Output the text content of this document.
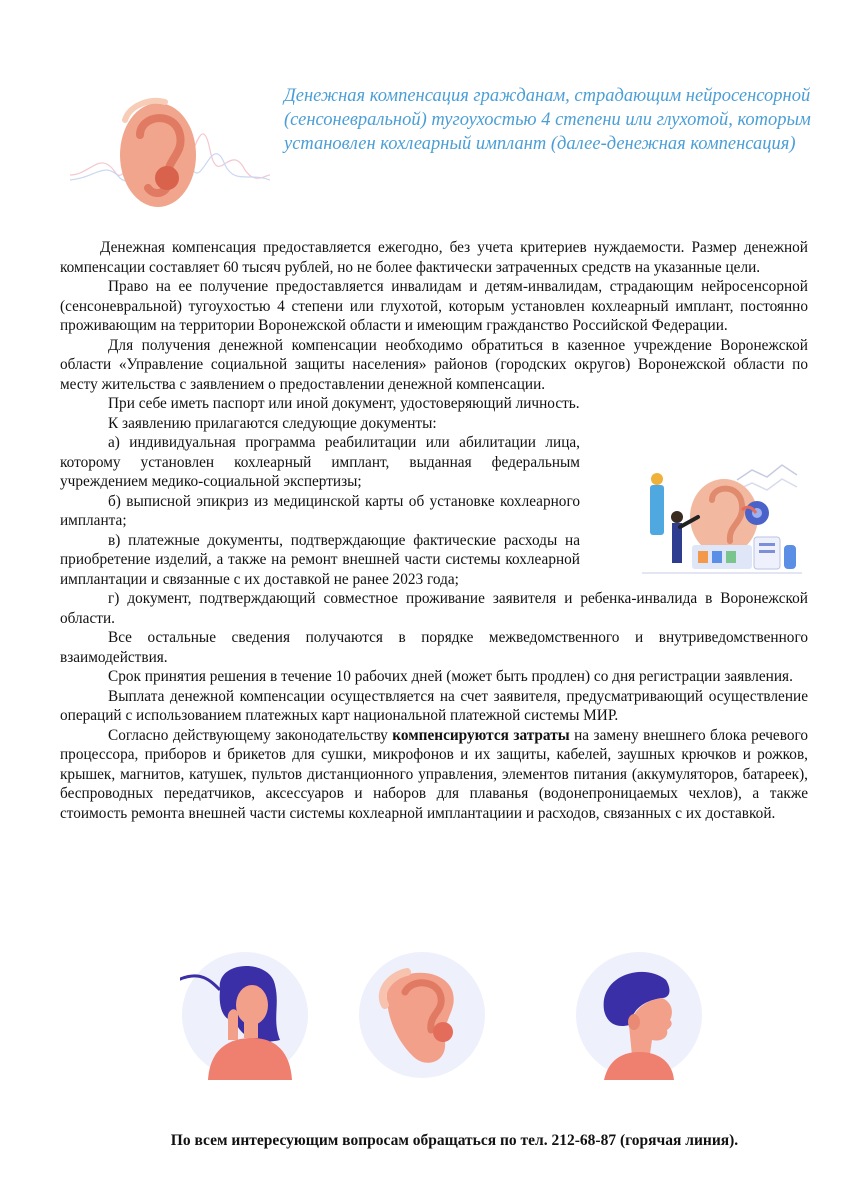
Денежная компенсация гражданам, страдающим нейросенсорной (сенсоневральной) тугоухостью 4 степени или глухотой, которым установлен кохлеарный имплант (далее-денежная компенсация)

Денежная компенсация предоставляется ежегодно, без учета критериев нуждаемости. Размер денежной компенсации составляет 60 тысяч рублей, но не более фактически затраченных средств на указанные цели.

Право на ее получение предоставляется инвалидам и детям-инвалидам, страдающим нейросенсорной (сенсоневральной) тугоухостью 4 степени или глухотой, которым установлен кохлеарный имплант, постоянно проживающим на территории Воронежской области и имеющим гражданство Российской Федерации.

Для получения денежной компенсации необходимо обратиться в казенное учреждение Воронежской области «Управление социальной защиты населения» районов (городских округов) Воронежской области по месту жительства с заявлением о предоставлении денежной компенсации.

При себе иметь паспорт или иной документ, удостоверяющий личность.

К заявлению прилагаются следующие документы:

а) индивидуальная программа реабилитации или абилитации лица, которому установлен кохлеарный имплант, выданная федеральным учреждением медико-социальной экспертизы;

б) выписной эпикриз из медицинской карты об установке кохлеарного импланта;

в) платежные документы, подтверждающие фактические расходы на приобретение изделий, а также на ремонт внешней части системы кохлеарной имплантации и связанные с их доставкой не ранее 2023 года;

г) документ, подтверждающий совместное проживание заявителя и ребенка-инвалида в Воронежской области.

Все остальные сведения получаются в порядке межведомственного и внутриведомственного взаимодействия.

Срок принятия решения в течение 10 рабочих дней (может быть продлен) со дня регистрации заявления.

Выплата денежной компенсации осуществляется на счет заявителя, предусматривающий осуществление операций с использованием платежных карт национальной платежной системы МИР.

Согласно действующему законодательству компенсируются затраты на замену внешнего блока речевого процессора, приборов и брикетов для сушки, микрофонов и их защиты, кабелей, заушных крючков и рожков, крышек, магнитов, катушек, пультов дистанционного управления, элементов питания (аккумуляторов, батареек), беспроводных передатчиков, аксессуаров и наборов для плаванья (водонепроницаемых чехлов), а также стоимость ремонта внешней части системы кохлеарной имплантациии и расходов, связанных с их доставкой.

По всем интересующим вопросам обращаться по тел. 212-68-87 (горячая линия).
